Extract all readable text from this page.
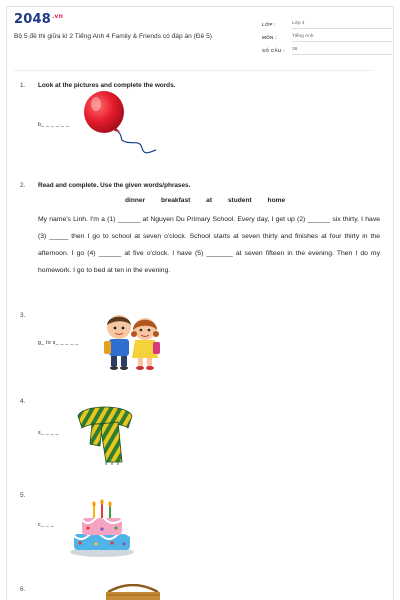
$2048^{.vn}$
Bộ 5 đề thi giữa kì 2 Tiếng Anh 4 Family & Friends có đáp án (Đề 5)
LỚP :	Lớp 4
MÔN :	Tiếng Anh
SỐ CÂU :	26
1. Look at the pictures and complete the words.
b_ _ _ _ _ _
2. Read and complete. Use the given words/phrases.
dinner breakfast at student home
My name's Linh. I'm a (1) ______ at Nguyen Du Primary School. Every day, I get up (2) ______ six thirty. I have (3) _____ then I go to school at seven o'clock. School starts at seven thirty and finishes at four thirty in the afternoon. I go (4) ______ at five o'clock. I have (5) _______ at seven fifteen in the evening. Then I do my homework. I go to bed at ten in the evening.
3.
g_ to s_ _ _ _ _
4.
s_ _ _ _
5.
c_ _ _
6.
